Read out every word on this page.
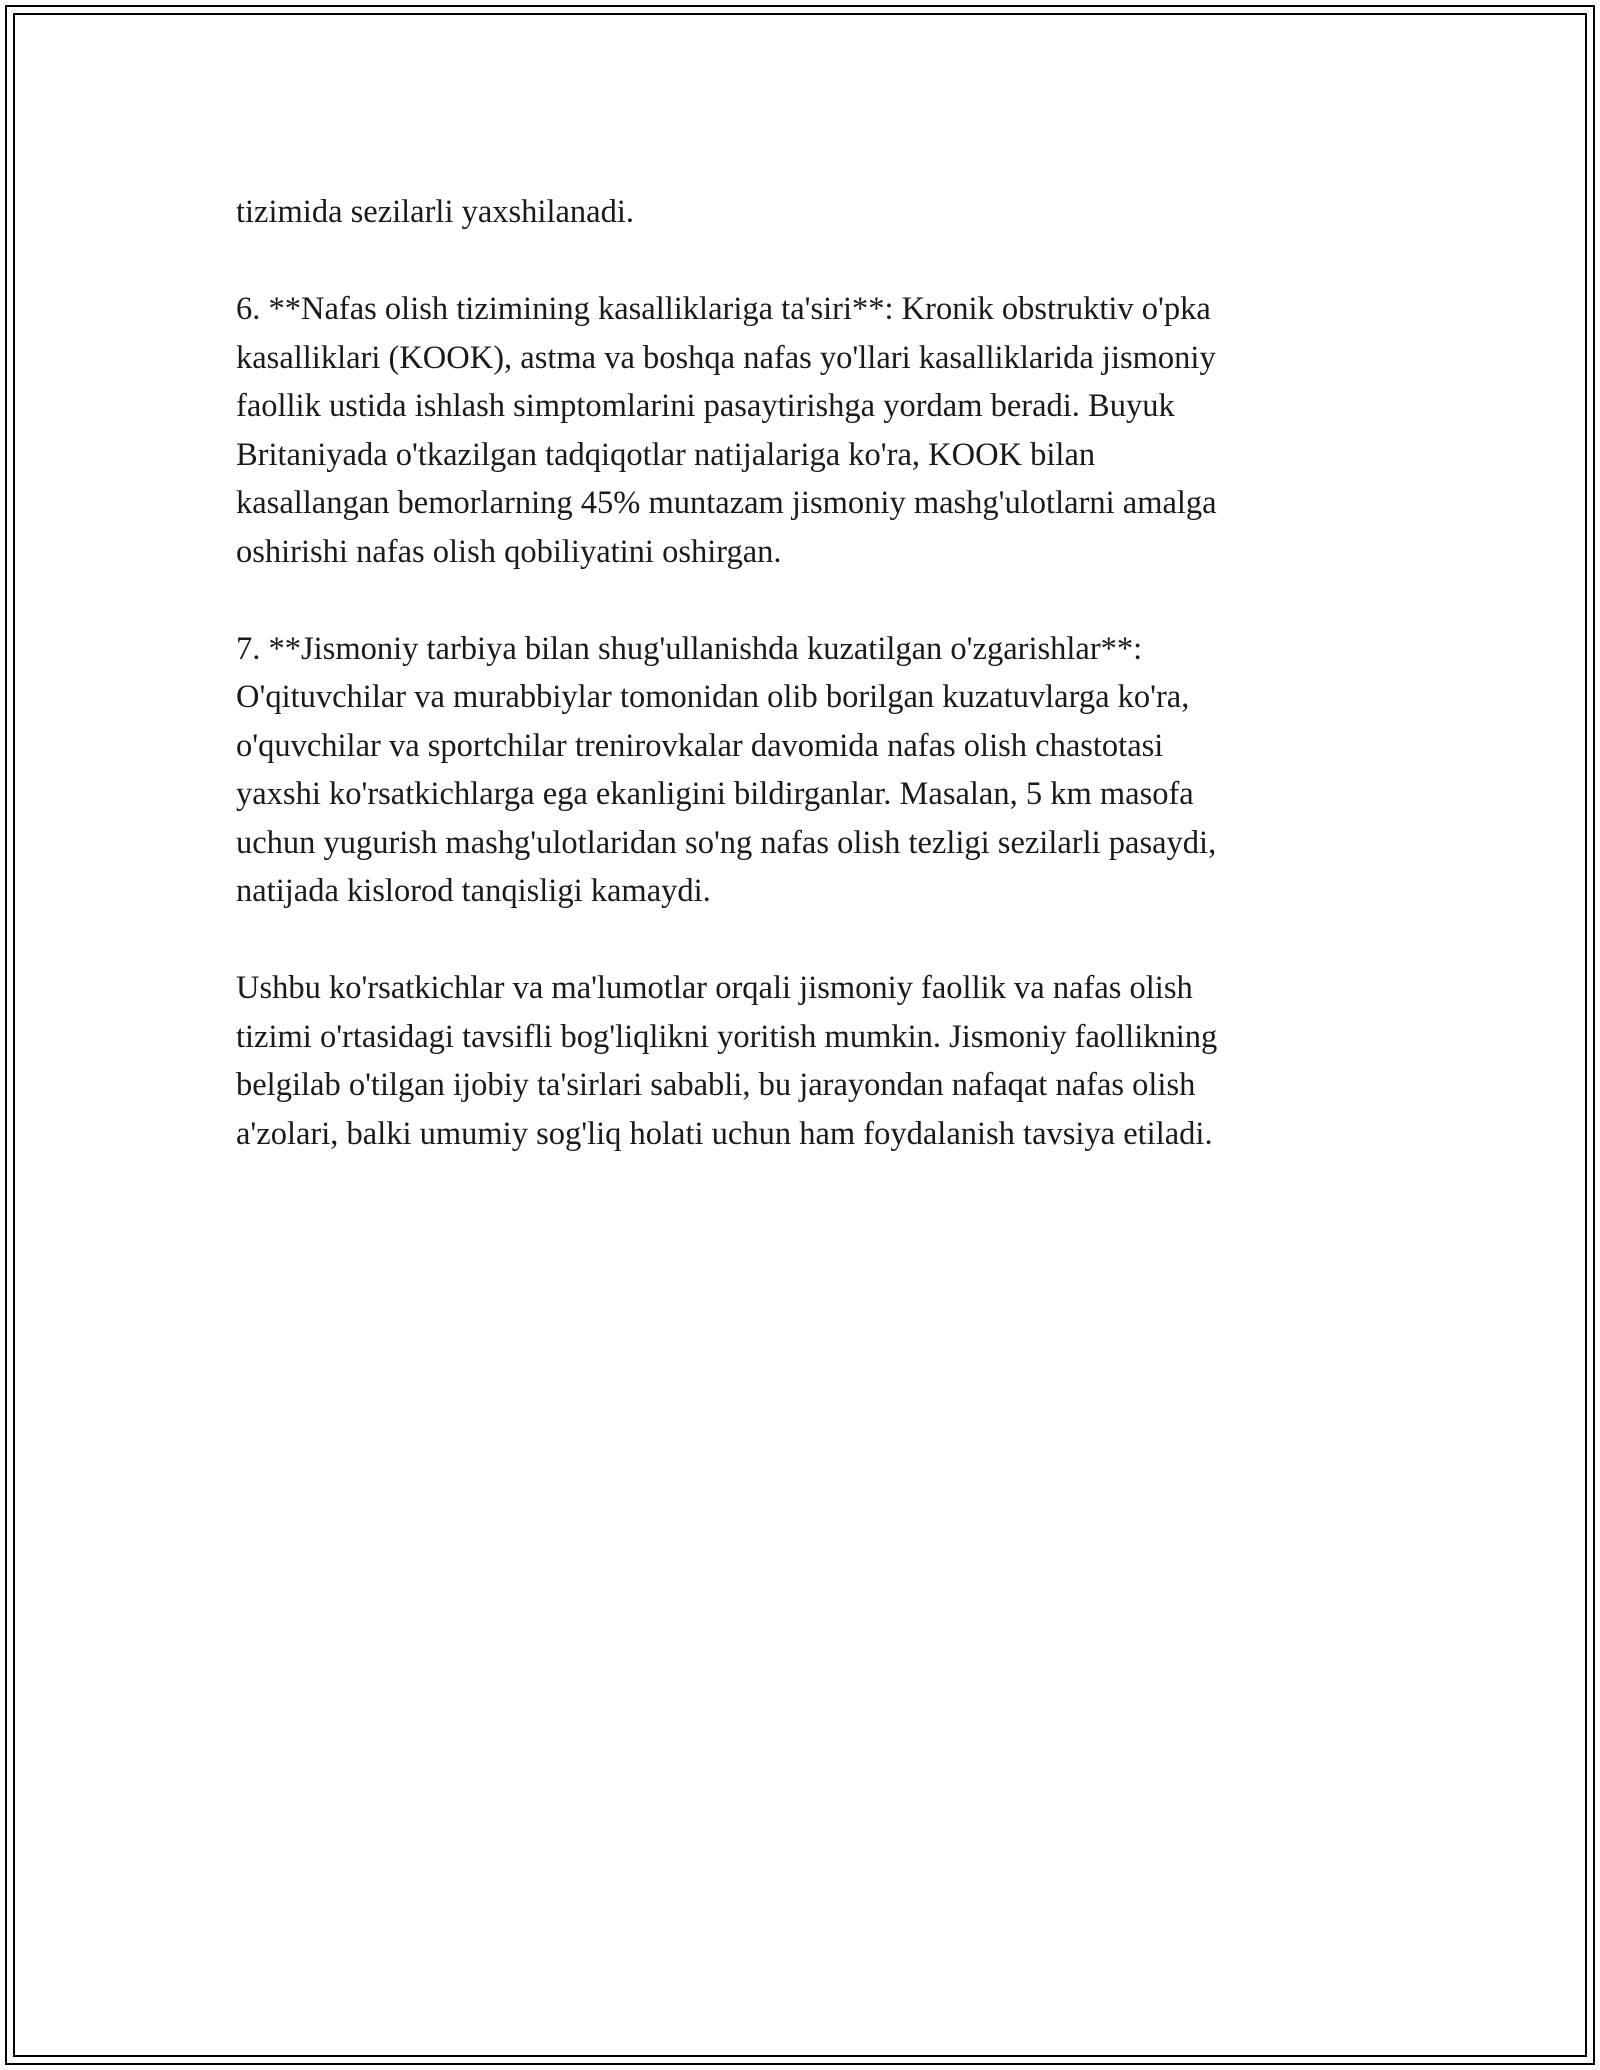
tizimida sezilarli yaxshilanadi.

6. **Nafas olish tizimining kasalliklariga ta'siri**: Kronik obstruktiv o'pka
kasalliklari (KOOK), astma va boshqa nafas yo'llari kasalliklarida jismoniy
faollik ustida ishlash simptomlarini pasaytirishga yordam beradi. Buyuk
Britaniyada o'tkazilgan tadqiqotlar natijalariga ko'ra, KOOK bilan
kasallangan bemorlarning 45% muntazam jismoniy mashg'ulotlarni amalga
oshirishi nafas olish qobiliyatini oshirgan.

7. **Jismoniy tarbiya bilan shug'ullanishda kuzatilgan o'zgarishlar**:
O'qituvchilar va murabbiylar tomonidan olib borilgan kuzatuvlarga ko'ra,
o'quvchilar va sportchilar trenirovkalar davomida nafas olish chastotasi
yaxshi ko'rsatkichlarga ega ekanligini bildirganlar. Masalan, 5 km masofa
uchun yugurish mashg'ulotlaridan so'ng nafas olish tezligi sezilarli pasaydi,
natijada kislorod tanqisligi kamaydi.

Ushbu ko'rsatkichlar va ma'lumotlar orqali jismoniy faollik va nafas olish
tizimi o'rtasidagi tavsifli bog'liqlikni yoritish mumkin. Jismoniy faollikning
belgilab o'tilgan ijobiy ta'sirlari sababli, bu jarayondan nafaqat nafas olish
a'zolari, balki umumiy sog'liq holati uchun ham foydalanish tavsiya etiladi.
